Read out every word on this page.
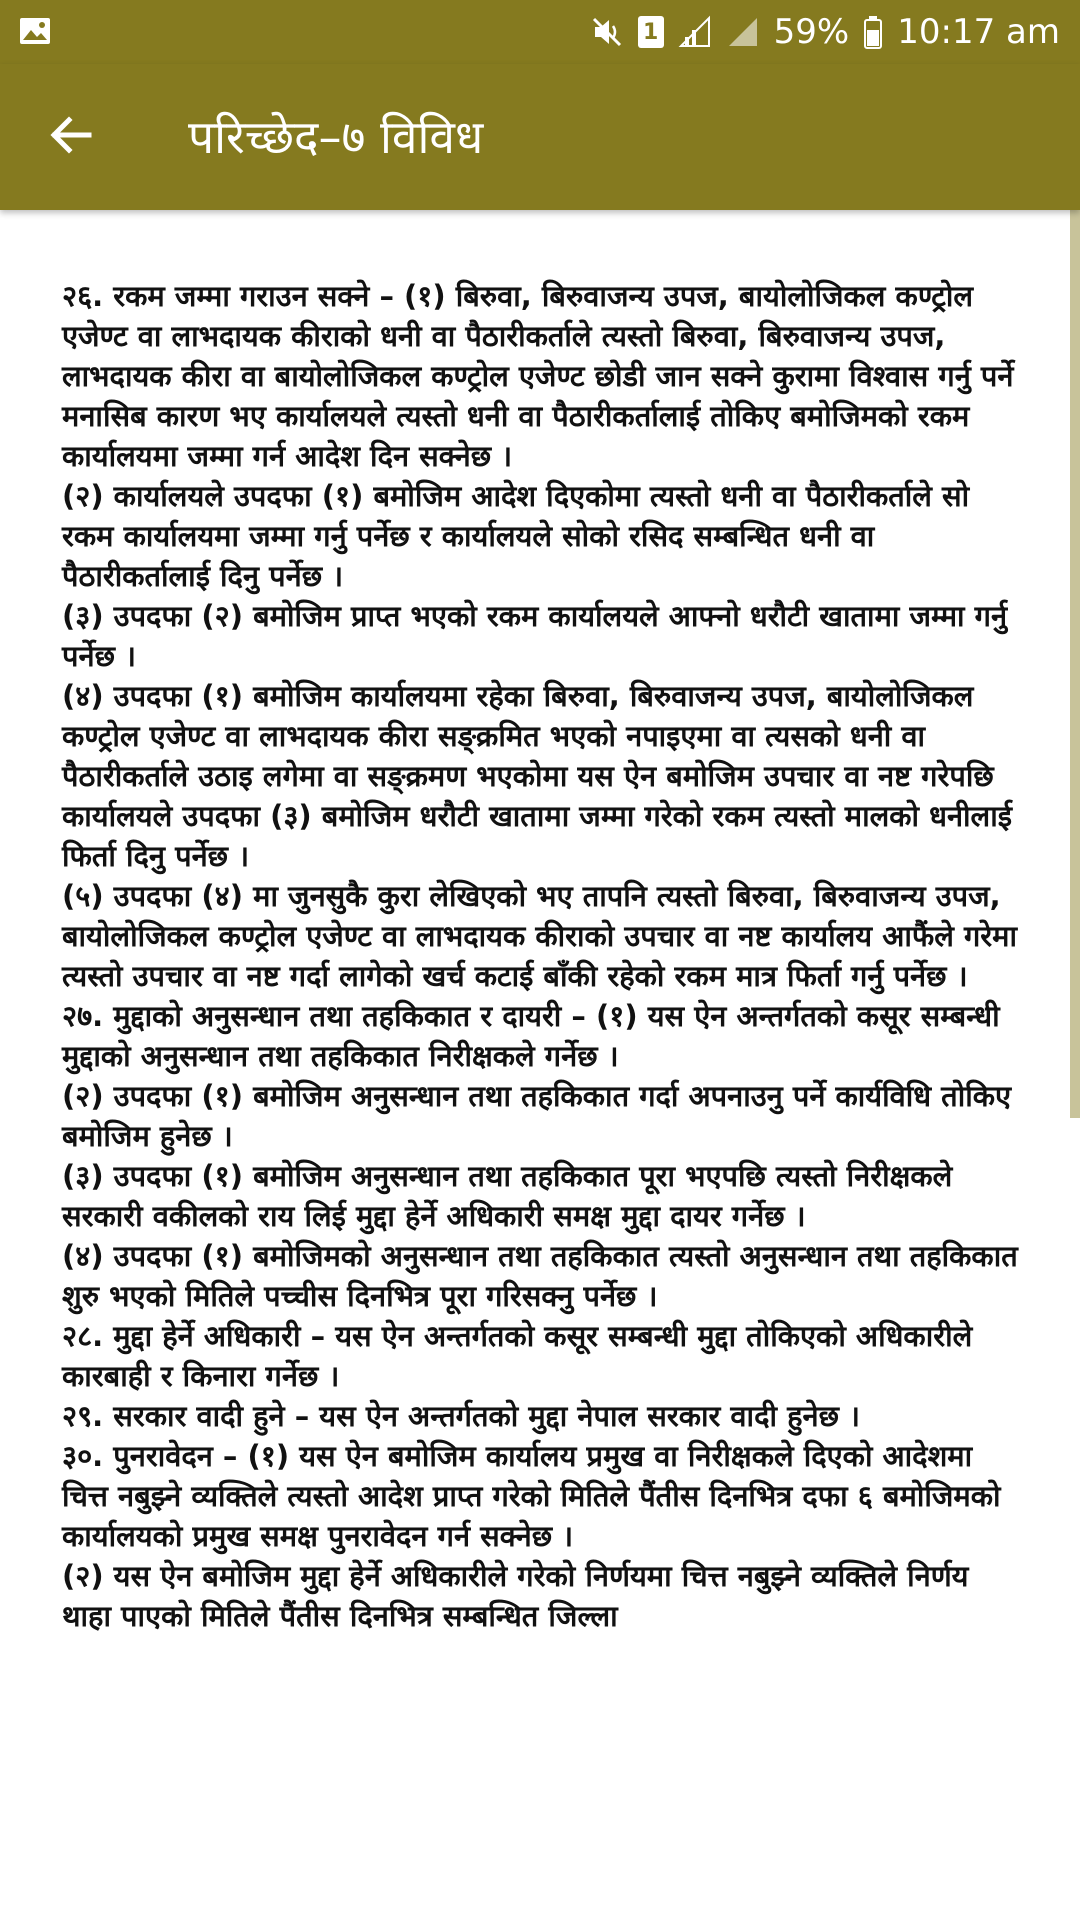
1	59% 10:17 am
परिच्छेद–७ विविध

२६. रकम जम्मा गराउन सक्ने – (१) बिरुवा, बिरुवाजन्य उपज, बायोलोजिकल कण्ट्रोल एजेण्ट वा लाभदायक कीराको धनी वा पैठारीकर्ताले त्यस्तो बिरुवा, बिरुवाजन्य उपज, लाभदायक कीरा वा बायोलोजिकल कण्ट्रोल एजेण्ट छोडी जान सक्ने कुरामा विश्वास गर्नु पर्ने मनासिब कारण भए कार्यालयले त्यस्तो धनी वा पैठारीकर्तालाई तोकिए बमोजिमको रकम कार्यालयमा जम्मा गर्न आदेश दिन सक्नेछ ।

(२) कार्यालयले उपदफा (१) बमोजिम आदेश दिएकोमा त्यस्तो धनी वा पैठारीकर्ताले सो रकम कार्यालयमा जम्मा गर्नु पर्नेछ र कार्यालयले सोको रसिद सम्बन्धित धनी वा पैठारीकर्तालाई दिनु पर्नेछ ।

(३) उपदफा (२) बमोजिम प्राप्त भएको रकम कार्यालयले आफ्नो धरौटी खातामा जम्मा गर्नु पर्नेछ ।

(४) उपदफा (१) बमोजिम कार्यालयमा रहेका बिरुवा, बिरुवाजन्य उपज, बायोलोजिकल कण्ट्रोल एजेण्ट वा लाभदायक कीरा सङ्क्रमित भएको नपाइएमा वा त्यसको धनी वा पैठारीकर्ताले उठाइ लगेमा वा सङ्क्रमण भएकोमा यस ऐन बमोजिम उपचार वा नष्ट गरेपछि कार्यालयले उपदफा (३) बमोजिम धरौटी खातामा जम्मा गरेको रकम त्यस्तो मालको धनीलाई फिर्ता दिनु पर्नेछ ।

(५) उपदफा (४) मा जुनसुकै कुरा लेखिएको भए तापनि त्यस्तो बिरुवा, बिरुवाजन्य उपज, बायोलोजिकल कण्ट्रोल एजेण्ट वा लाभदायक कीराको उपचार वा नष्ट कार्यालय आफैंले गरेमा त्यस्तो उपचार वा नष्ट गर्दा लागेको खर्च कटाई बाँकी रहेको रकम मात्र फिर्ता गर्नु पर्नेछ ।

२७. मुद्दाको अनुसन्धान तथा तहकिकात र दायरी – (१) यस ऐन अन्तर्गतको कसूर सम्बन्धी मुद्दाको अनुसन्धान तथा तहकिकात निरीक्षकले गर्नेछ ।

(२) उपदफा (१) बमोजिम अनुसन्धान तथा तहकिकात गर्दा अपनाउनु पर्ने कार्यविधि तोकिए बमोजिम हुनेछ ।

(३) उपदफा (१) बमोजिम अनुसन्धान तथा तहकिकात पूरा भएपछि त्यस्तो निरीक्षकले सरकारी वकीलको राय लिई मुद्दा हेर्ने अधिकारी समक्ष मुद्दा दायर गर्नेछ ।

(४) उपदफा (१) बमोजिमको अनुसन्धान तथा तहकिकात त्यस्तो अनुसन्धान तथा तहकिकात शुरु भएको मितिले पच्चीस दिनभित्र पूरा गरिसक्नु पर्नेछ ।

२८. मुद्दा हेर्ने अधिकारी – यस ऐन अन्तर्गतको कसूर सम्बन्धी मुद्दा तोकिएको अधिकारीले कारबाही र किनारा गर्नेछ ।

२९. सरकार वादी हुने – यस ऐन अन्तर्गतको मुद्दा नेपाल सरकार वादी हुनेछ ।

३०. पुनरावेदन – (१) यस ऐन बमोजिम कार्यालय प्रमुख वा निरीक्षकले दिएको आदेशमा चित्त नबुझ्ने व्यक्तिले त्यस्तो आदेश प्राप्त गरेको मितिले पैंतीस दिनभित्र दफा ६ बमोजिमको कार्यालयको प्रमुख समक्ष पुनरावेदन गर्न सक्नेछ ।

(२) यस ऐन बमोजिम मुद्दा हेर्ने अधिकारीले गरेको निर्णयमा चित्त नबुझ्ने व्यक्तिले निर्णय थाहा पाएको मितिले पैंतीस दिनभित्र सम्बन्धित जिल्ला
